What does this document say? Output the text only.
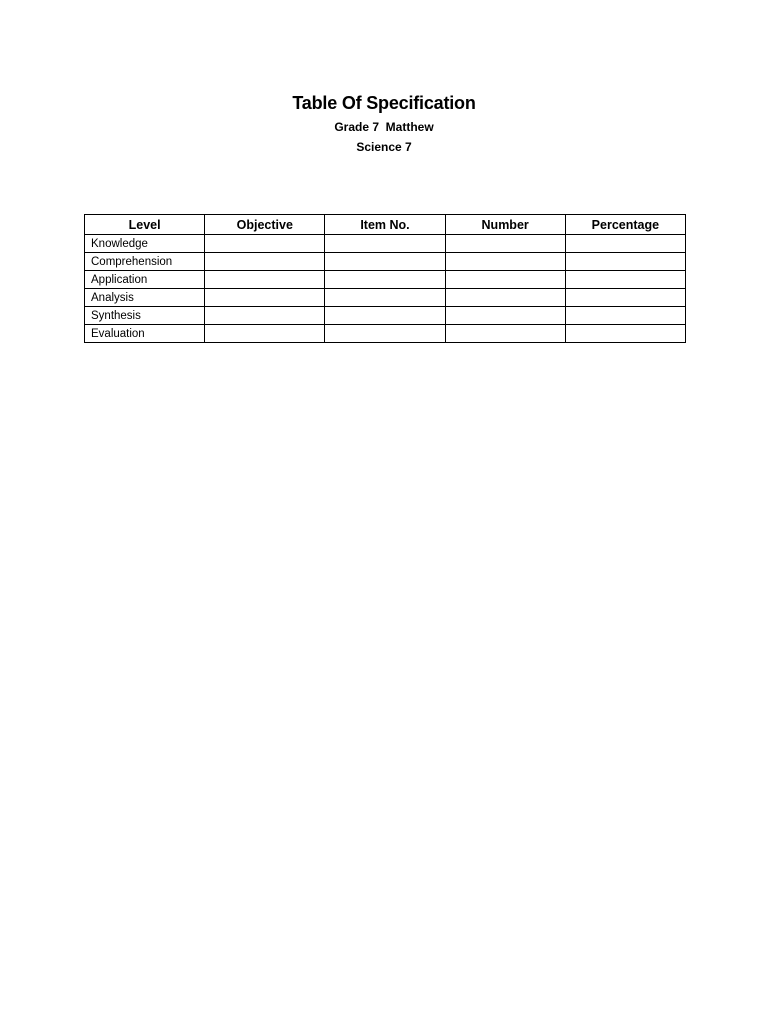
Table Of Specification
Grade 7  Matthew
Science 7
Level	Objective	Item No.	Number	Percentage
Knowledge				
Comprehension				
Application				
Analysis				
Synthesis				
Evaluation				
